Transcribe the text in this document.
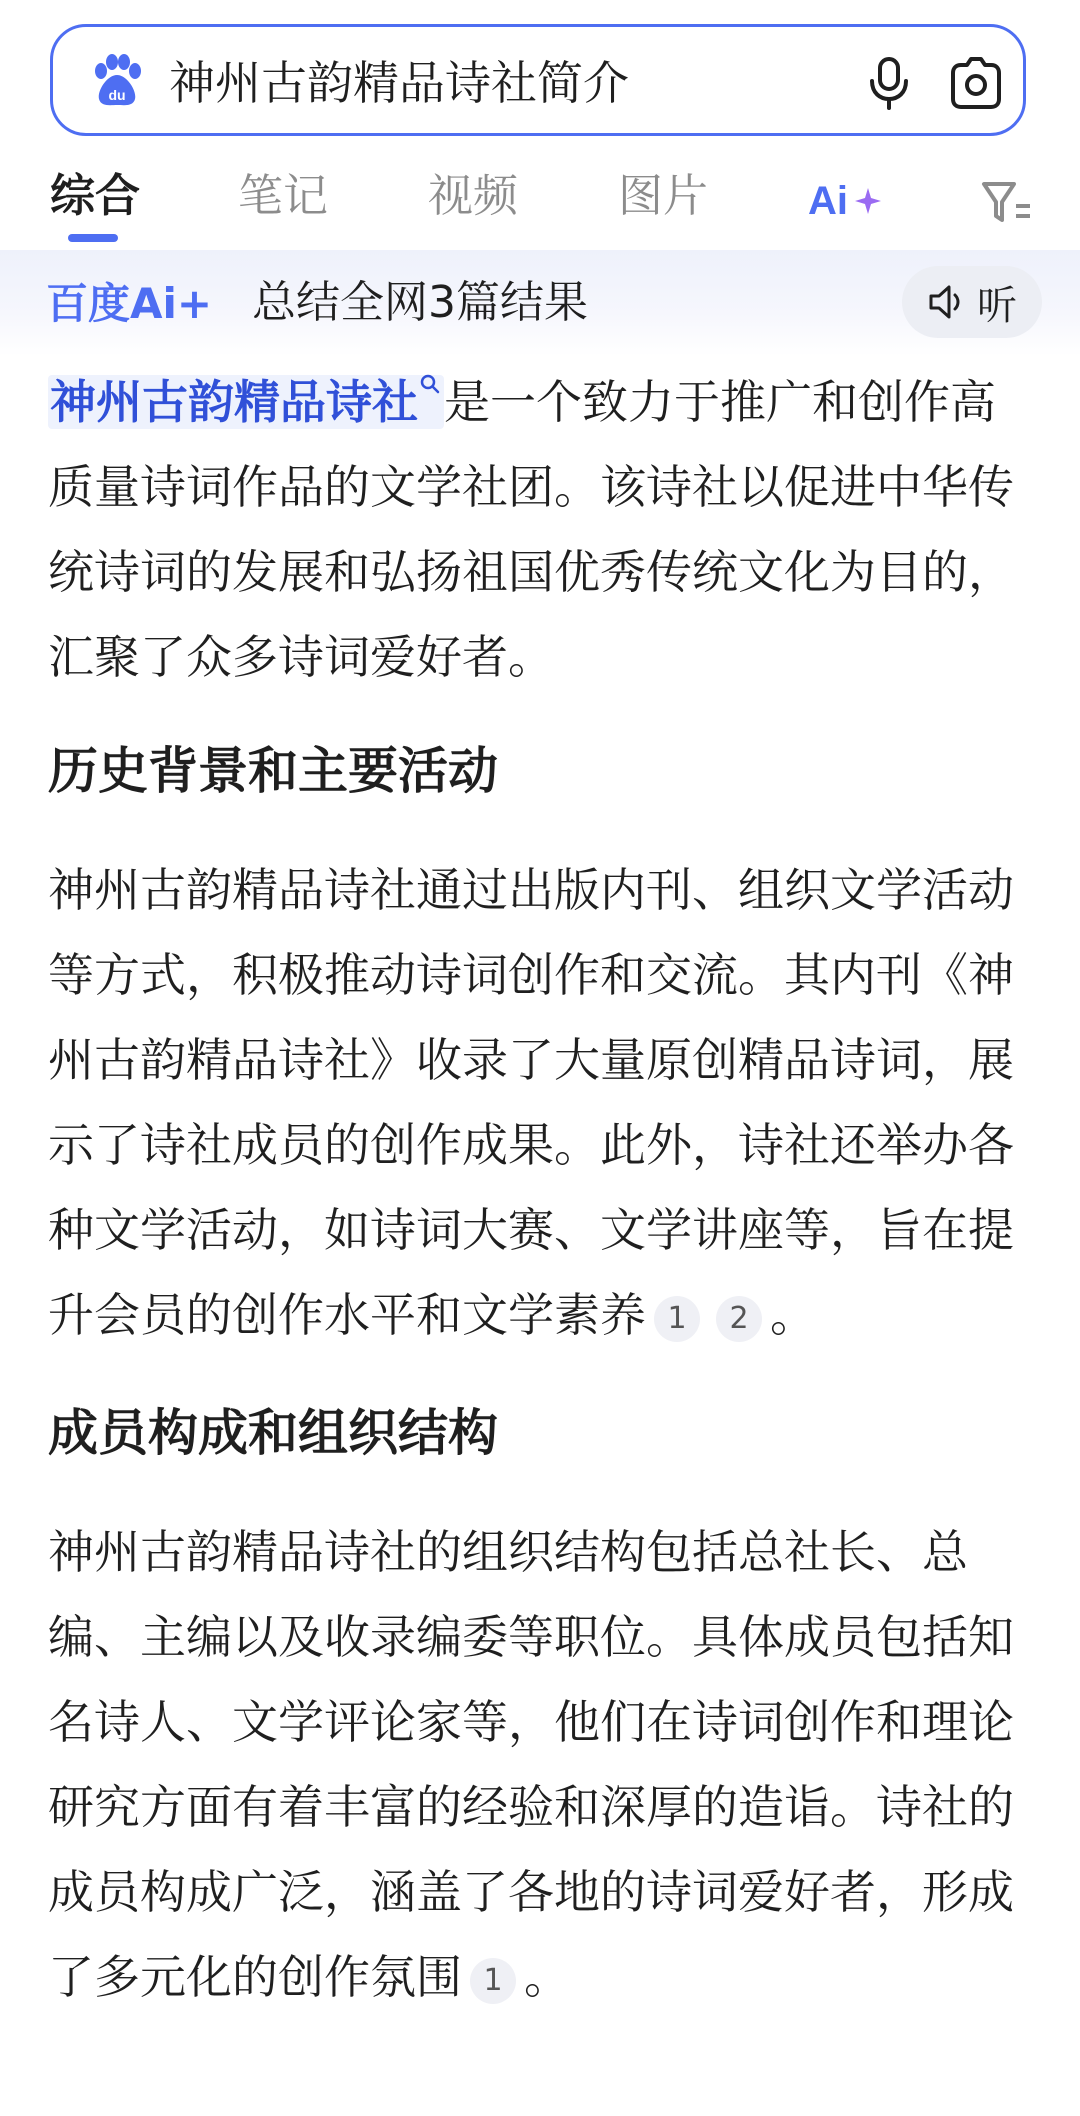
du 神州古韵精品诗社简介
综合 笔记 视频 图片 Ai
百度Ai+ 总结全网3篇结果	听

神州古韵精品诗社 是一个致力于推广和创作高质量诗词作品的文学社团。该诗社以促进中华传统诗词的发展和弘扬祖国优秀传统文化为目的，汇聚了众多诗词爱好者。

历史背景和主要活动

神州古韵精品诗社通过出版内刊、组织文学活动等方式，积极推动诗词创作和交流。其内刊《神州古韵精品诗社》收录了大量原创精品诗词，展示了诗社成员的创作成果。此外，诗社还举办各种文学活动，如诗词大赛、文学讲座等，旨在提升会员的创作水平和文学素养 1 2 。

成员构成和组织结构

神州古韵精品诗社的组织结构包括总社长、总编、主编以及收录编委等职位。具体成员包括知名诗人、文学评论家等，他们在诗词创作和理论研究方面有着丰富的经验和深厚的造诣。诗社的成员构成广泛，涵盖了各地的诗词爱好者，形成了多元化的创作氛围 1 。
